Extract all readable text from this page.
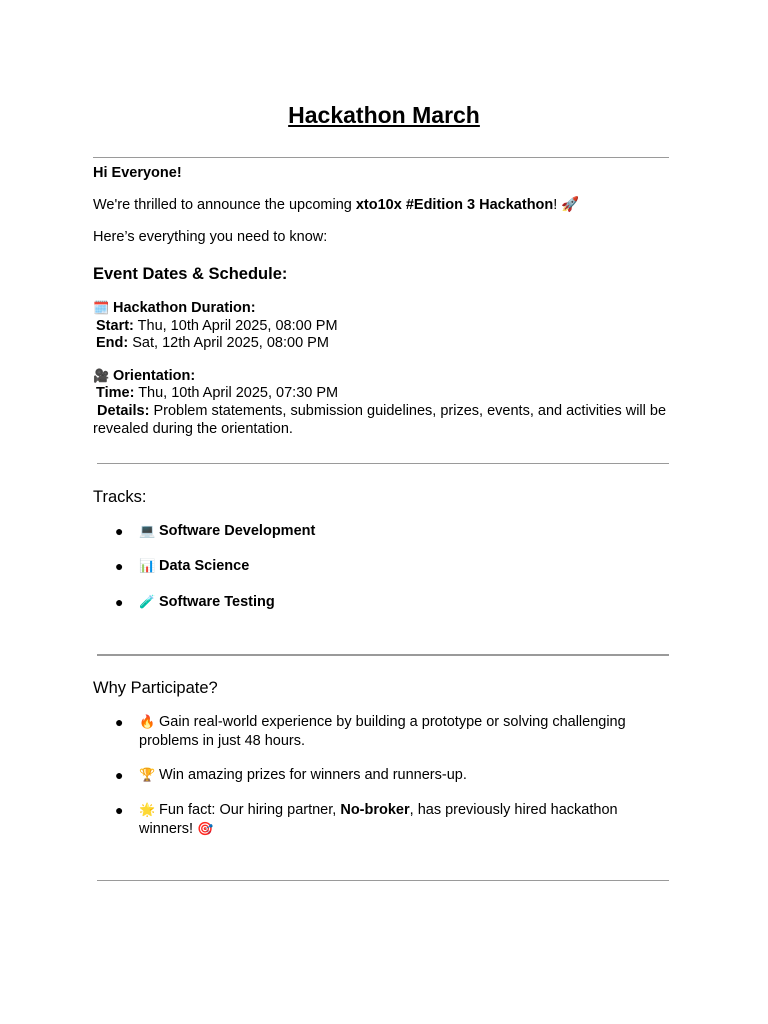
Hackathon March
Hi Everyone!
We're thrilled to announce the upcoming xto10x #Edition 3 Hackathon! 🚀
Here’s everything you need to know:
Event Dates & Schedule:
🗓️ Hackathon Duration:
Start: Thu, 10th April 2025, 08:00 PM
End: Sat, 12th April 2025, 08:00 PM
🎥 Orientation:
Time: Thu, 10th April 2025, 07:30 PM
Details: Problem statements, submission guidelines, prizes, events, and activities will be revealed during the orientation.
Tracks:
● 💻 Software Development
● 📊 Data Science
● 🧪 Software Testing
Why Participate?
● 🔥 Gain real-world experience by building a prototype or solving challenging problems in just 48 hours.
● 🏆 Win amazing prizes for winners and runners-up.
● 🌟 Fun fact: Our hiring partner, No-broker, has previously hired hackathon winners! 🎯
